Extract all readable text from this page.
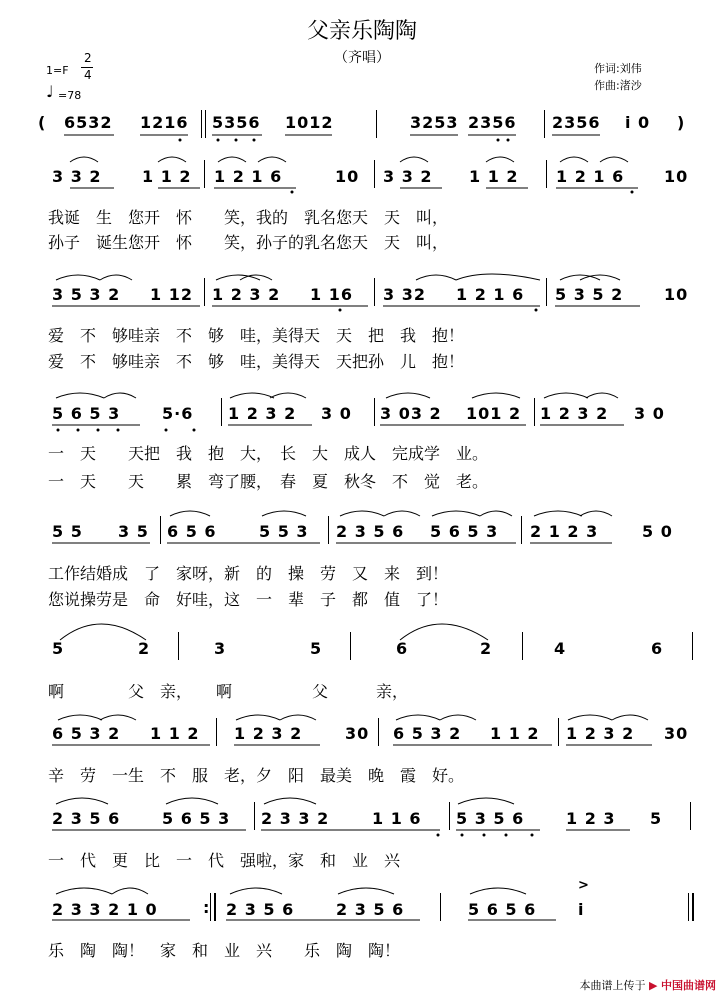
父亲乐陶陶
（齐唱）
作词:刘伟
作曲:渚沙
1=F
2
4
♩ =78
( 6532 1216 5356 1012	3253 2356 2356 i 0 )
3 3 2	1 1 2 1 2 1 6	10 3 3 2 1 1 2 1 2 1 6 10
我诞　生　您开　怀　　笑，我的　乳名您天　天　叫，
孙子　诞生您开　怀　　笑，孙子的乳名您天　天　叫，
3 5 3 2 1 12 1 2 3 2 1 16 3 32 1 2 1 6 5 3 5 2	10
爱　不　够哇亲　不　够　哇，美得天　天　把　我　抱！
爱　不　够哇亲　不　够　哇，美得天　天把孙　儿　抱！
5 6 5 3	5·6 1 2 3 2 3 0 3 03 2 101 2 1 2 3 2 3 0
一　天　　天把　我　抱　大，　长　大　成人　完成学　业。
一　天　　天　　累　弯了腰，　春　夏　秋冬　不　觉　老。
5 5 3 5 6 5 6	5 5 3 2 3 5 6 5 6 5 3 2 1 2 3	5 0
工作结婚成　了　家呀，新　的　操　劳　又　来　到！
您说操劳是　命　好哇，这　一　辈　子　都　值　了！
5	2	3	5	6	2	4	6
啊　　　　父　亲，　　啊　　　　　父　　　亲，
6 5 3 2 1 1 2 1 2 3 2	30 6 5 3 2 1 1 2 1 2 3 2 30
辛　劳　一生　不　服　老，夕　阳　最美　晚　霞　好。
2 3 5 6	5 6 5 3 2 3 3 2	1 1 6 5 3 5 6	1 2 3 5
一　代　更　比　一　代　强啦，家　和　业　兴
2 3 3 2 1 0	: 2 3 5 6	2 3 5 6	5 6 5 6
>
i
乐　陶　陶！　家　和　业　兴　　乐　陶　陶！
本曲谱上传于 ▶ 中国曲谱网
